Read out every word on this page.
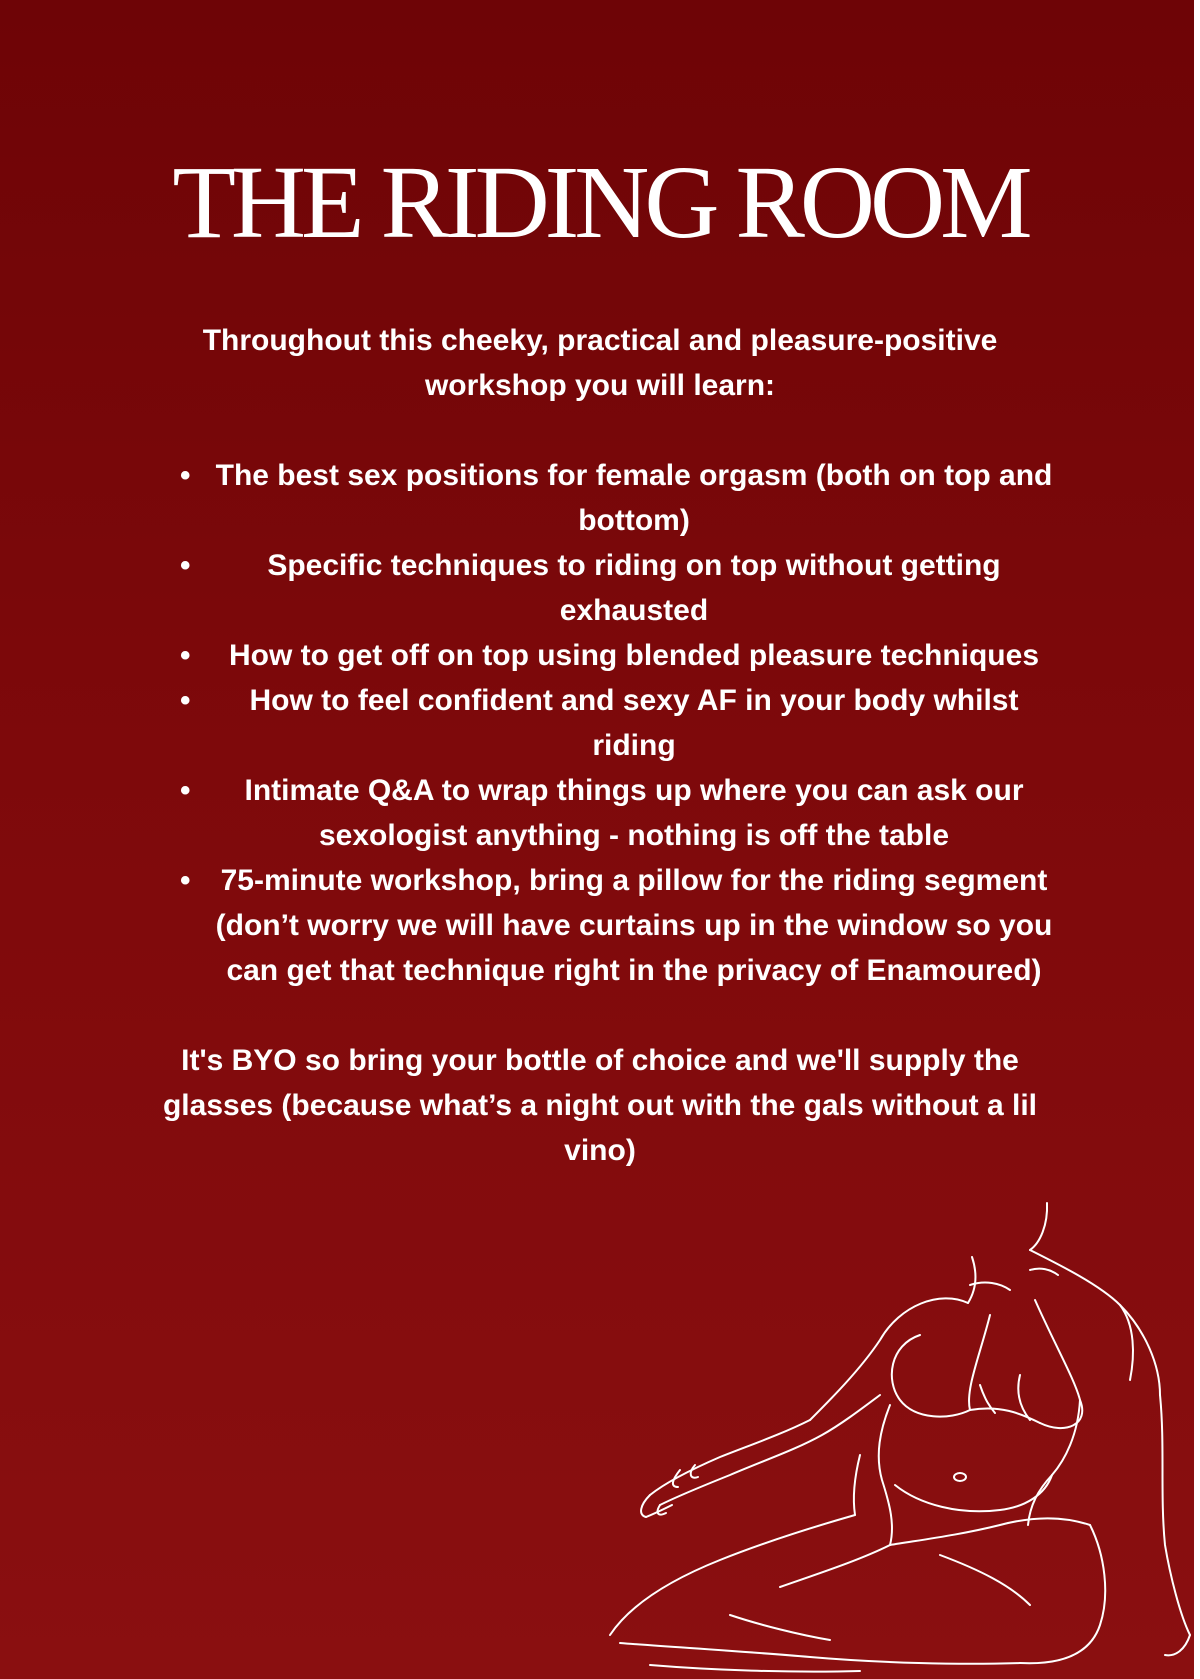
THE RIDING ROOM

Throughout this cheeky, practical and pleasure-positive workshop you will learn:

• The best sex positions for female orgasm (both on top and bottom)
•	Specific techniques to riding on top without getting exhausted
• How to get off on top using blended pleasure techniques
• How to feel confident and sexy AF in your body whilst riding
• Intimate Q&A to wrap things up where you can ask our sexologist anything - nothing is off the table
• 75-minute workshop, bring a pillow for the riding segment (don’t worry we will have curtains up in the window so you can get that technique right in the privacy of Enamoured)

It's BYO so bring your bottle of choice and we'll supply the glasses (because what’s a night out with the gals without a lil vino)
